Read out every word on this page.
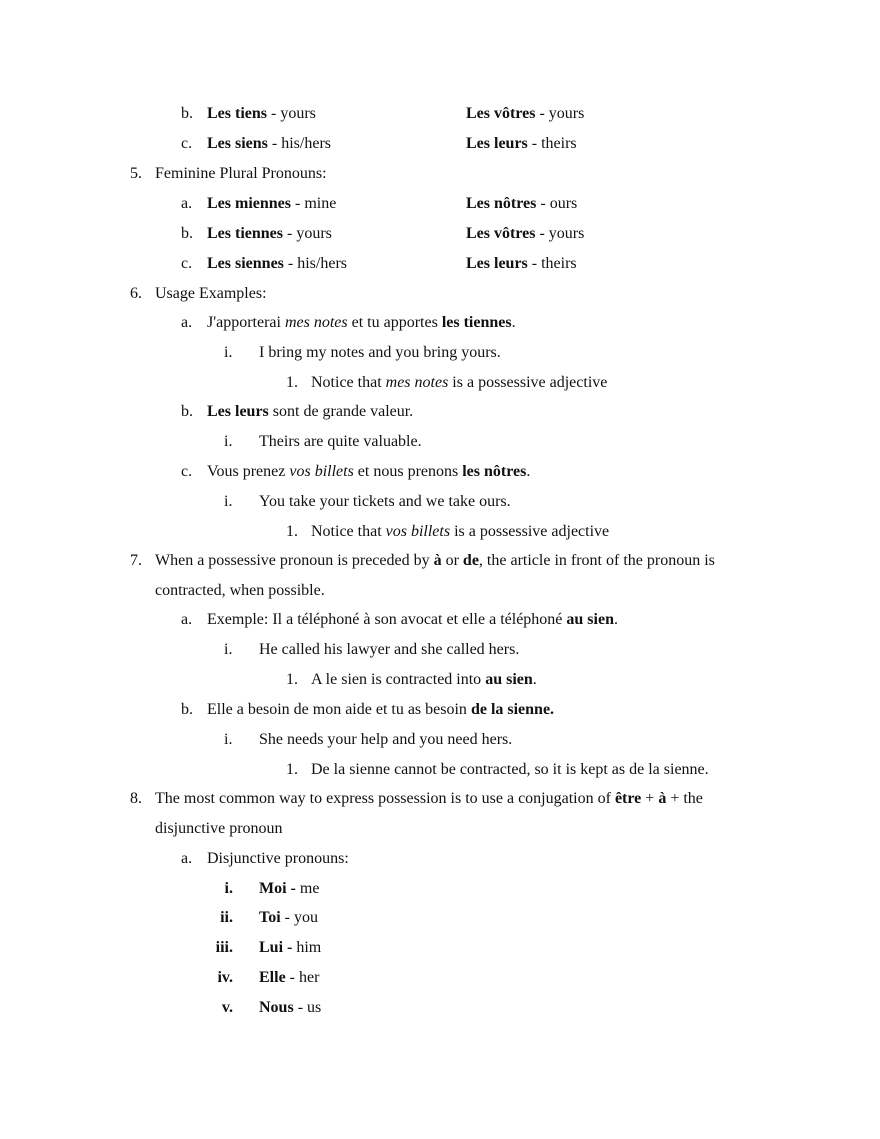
b. Les tiens - yours	Les vôtres - yours
c. Les siens - his/hers	Les leurs - theirs
5. Feminine Plural Pronouns:
a. Les miennes - mine	Les nôtres - ours
b. Les tiennes - yours	Les vôtres - yours
c. Les siennes - his/hers	Les leurs - theirs
6. Usage Examples:
a. J'apporterai mes notes et tu apportes les tiennes.
i. I bring my notes and you bring yours.
1. Notice that mes notes is a possessive adjective
b. Les leurs sont de grande valeur.
i. Theirs are quite valuable.
c. Vous prenez vos billets et nous prenons les nôtres.
i. You take your tickets and we take ours.
1. Notice that vos billets is a possessive adjective
7. When a possessive pronoun is preceded by à or de, the article in front of the pronoun is
contracted, when possible.
a. Exemple: Il a téléphoné à son avocat et elle a téléphoné au sien.
i. He called his lawyer and she called hers.
1. A le sien is contracted into au sien.
b. Elle a besoin de mon aide et tu as besoin de la sienne.
i. She needs your help and you need hers.
1. De la sienne cannot be contracted, so it is kept as de la sienne.
8. The most common way to express possession is to use a conjugation of être + à + the
disjunctive pronoun
a. Disjunctive pronouns:
i. Moi - me
ii. Toi - you
iii. Lui - him
iv. Elle - her
v. Nous - us
